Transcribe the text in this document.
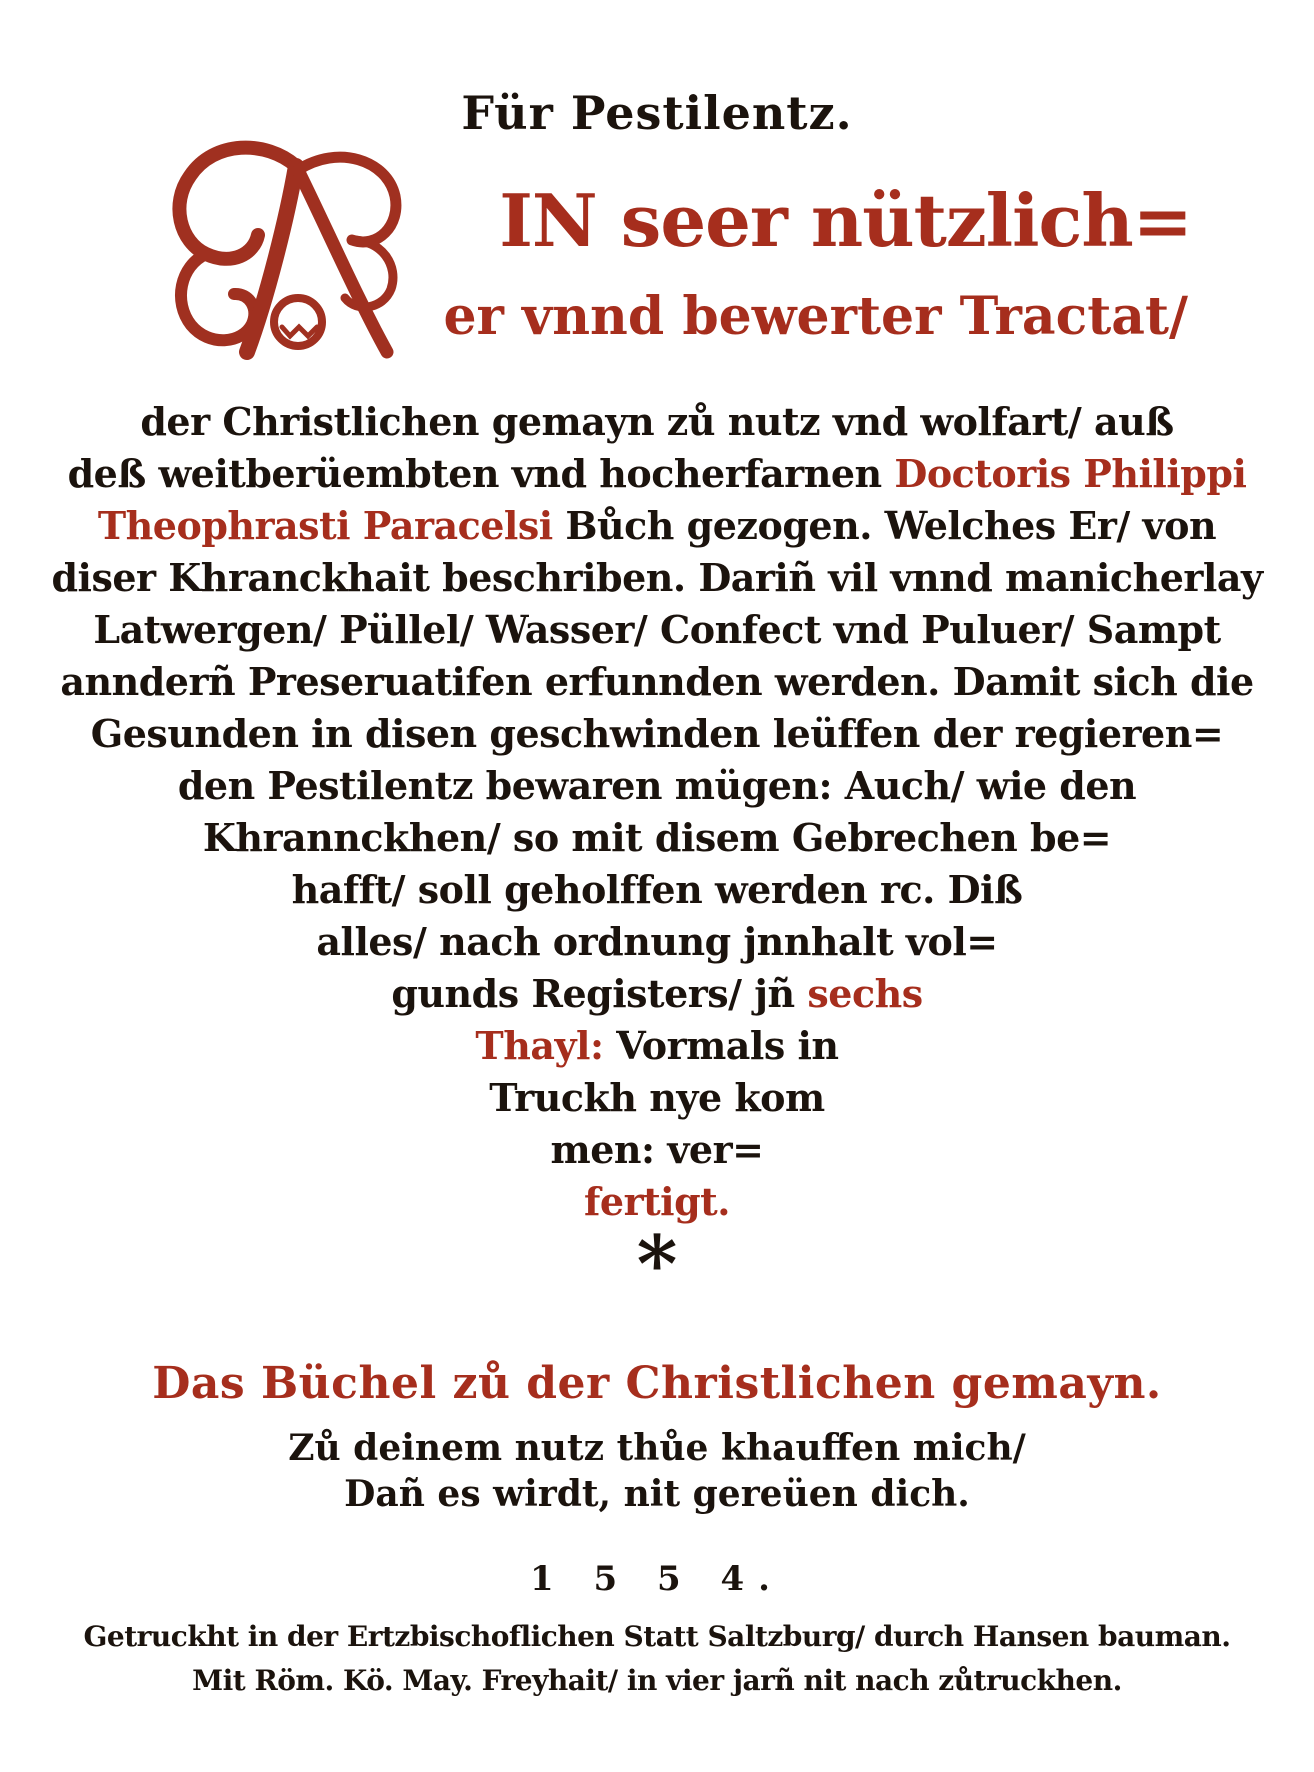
Für Pestilentz.
IN seer nützlich=
er vnnd bewerter Tractat/
der Christlichen gemayn zů nutz vnd wolfart/ auß
deß weitberüembten vnd hocherfarnen Doctoris Philippi
Theophrasti Paracelsi Bůch gezogen. Welches Er/ von
diser Khranckhait beschriben. Dariñ vil vnnd manicherlay
Latwergen/ Püllel/ Wasser/ Confect vnd Puluer/ Sampt
annderñ Preseruatifen erfunnden werden. Damit sich die
Gesunden in disen geschwinden leüffen der regieren=
den Pestilentz bewaren mügen: Auch/ wie den
Khrannckhen/ so mit disem Gebrechen be=
hafft/ soll geholffen werden rc. Diß
alles/ nach ordnung jnnhalt vol=
gunds Registers/ jñ sechs
Thayl: Vormals in
Truckh nye kom
men: ver=
fertigt.
*
Das Büchel zů der Christlichen gemayn.
Zů deinem nutz thůe khauffen mich/
Dañ es wirdt, nit gereüen dich.
1 5 5 4.
Getruckht in der Ertzbischoflichen Statt Saltzburg/ durch Hansen bauman.
Mit Röm. Kö. May. Freyhait/ in vier jarñ nit nach zůtruckhen.
